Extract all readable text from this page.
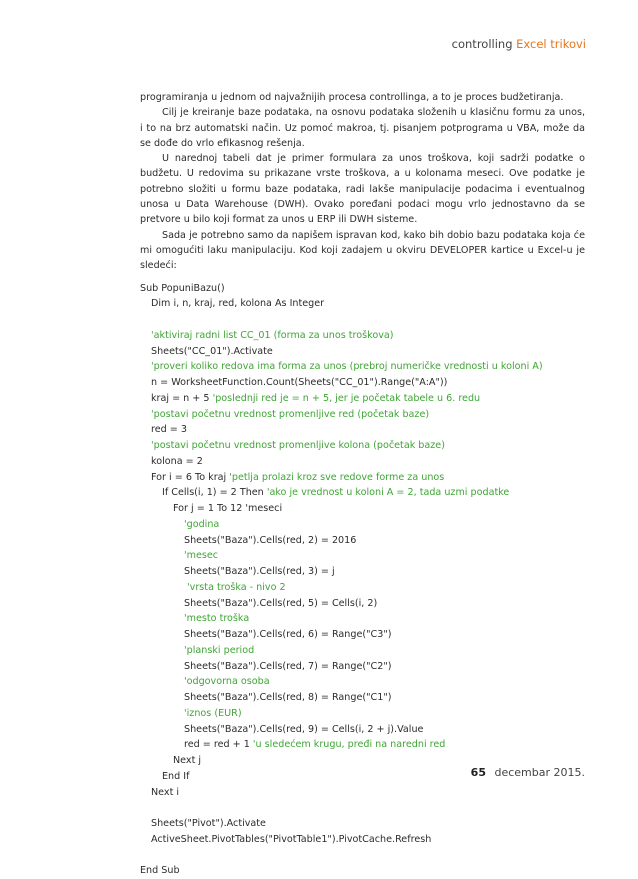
controlling Excel trikovi

programiranja u jednom od najvažnijih procesa controllinga, a to je proces budžetiranja.

Cilj je kreiranje baze podataka, na osnovu podataka složenih u klasičnu formu za unos, i to na brz automatski način. Uz pomoć makroa, tj. pisanjem potprograma u VBA, može da se dođe do vrlo efikasnog rešenja.

U narednoj tabeli dat je primer formulara za unos troškova, koji sadrži podatke o budžetu. U redovima su prikazane vrste troškova, a u kolonama meseci. Ove podatke je potrebno složiti u formu baze podataka, radi lakše manipulacije podacima i eventualnog unosa u Data Warehouse (DWH). Ovako poređani podaci mogu vrlo jednostavno da se pretvore u bilo koji format za unos u ERP ili DWH sisteme.

Sada je potrebno samo da napišem ispravan kod, kako bih dobio bazu podataka koja će mi omogućiti laku manipulaciju. Kod koji zadajem u okviru DEVELOPER kartice u Excel-u je sledeći:

Sub PopuniBazu()
Dim i, n, kraj, red, kolona As Integer
'aktiviraj radni list CC_01 (forma za unos troškova)
Sheets("CC_01").Activate
'proveri koliko redova ima forma za unos (prebroj numeričke vrednosti u koloni A)
n = WorksheetFunction.Count(Sheets("CC_01").Range("A:A"))
kraj = n + 5 'poslednji red je = n + 5, jer je početak tabele u 6. redu
'postavi početnu vrednost promenljive red (početak baze)
red = 3
'postavi početnu vrednost promenljive kolona (početak baze)
kolona = 2
For i = 6 To kraj 'petlja prolazi kroz sve redove forme za unos
If Cells(i, 1) = 2 Then 'ako je vrednost u koloni A = 2, tada uzmi podatke
For j = 1 To 12 'meseci
'godina
Sheets("Baza").Cells(red, 2) = 2016
'mesec
Sheets("Baza").Cells(red, 3) = j
'vrsta troška - nivo 2
Sheets("Baza").Cells(red, 5) = Cells(i, 2)
'mesto troška
Sheets("Baza").Cells(red, 6) = Range("C3")
'planski period
Sheets("Baza").Cells(red, 7) = Range("C2")
'odgovorna osoba
Sheets("Baza").Cells(red, 8) = Range("C1")
'iznos (EUR)
Sheets("Baza").Cells(red, 9) = Cells(i, 2 + j).Value
red = red + 1 'u sledećem krugu, pređi na naredni red
Next j
End If
Next i
Sheets("Pivot").Activate
ActiveSheet.PivotTables("PivotTable1").PivotCache.Refresh
End Sub
65 decembar 2015.
